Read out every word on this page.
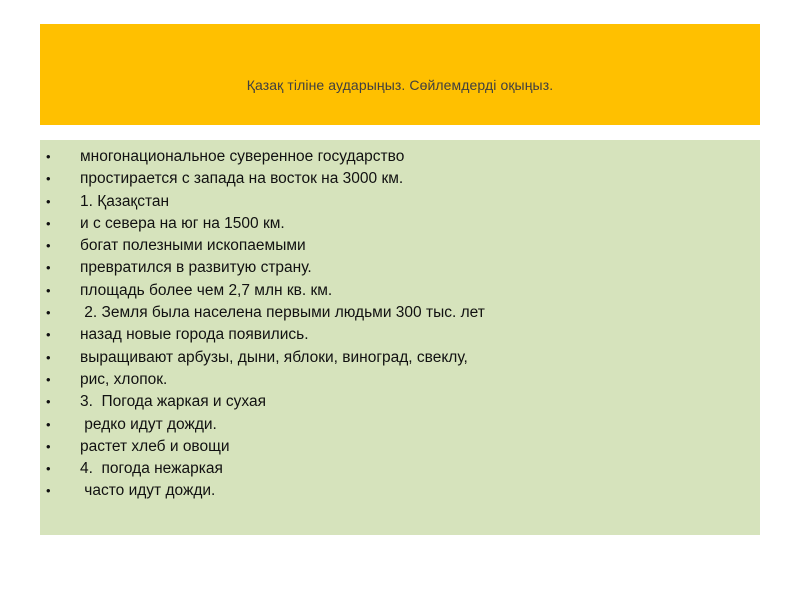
Қазақ тіліне аударыңыз. Сөйлемдерді оқыңыз.
•	многонациональное суверенное государство
•	простирается с запада на восток на 3000 км.
•	1. Қазақстан
•	и с севера на юг на 1500 км.
•	богат полезными ископаемыми
•	превратился в развитую страну.
•	площадь более чем 2,7 млн кв. км.
•	2. Земля была населена первыми людьми 300 тыс. лет
•	назад новые города появились.
•	выращивают арбузы, дыни, яблоки, виноград, свеклу,
•	рис, хлопок.
•	3.  Погода жаркая и сухая
•	редко идут дожди.
•	растет хлеб и овощи
•	4.  погода нежаркая
•	часто идут дожди.
